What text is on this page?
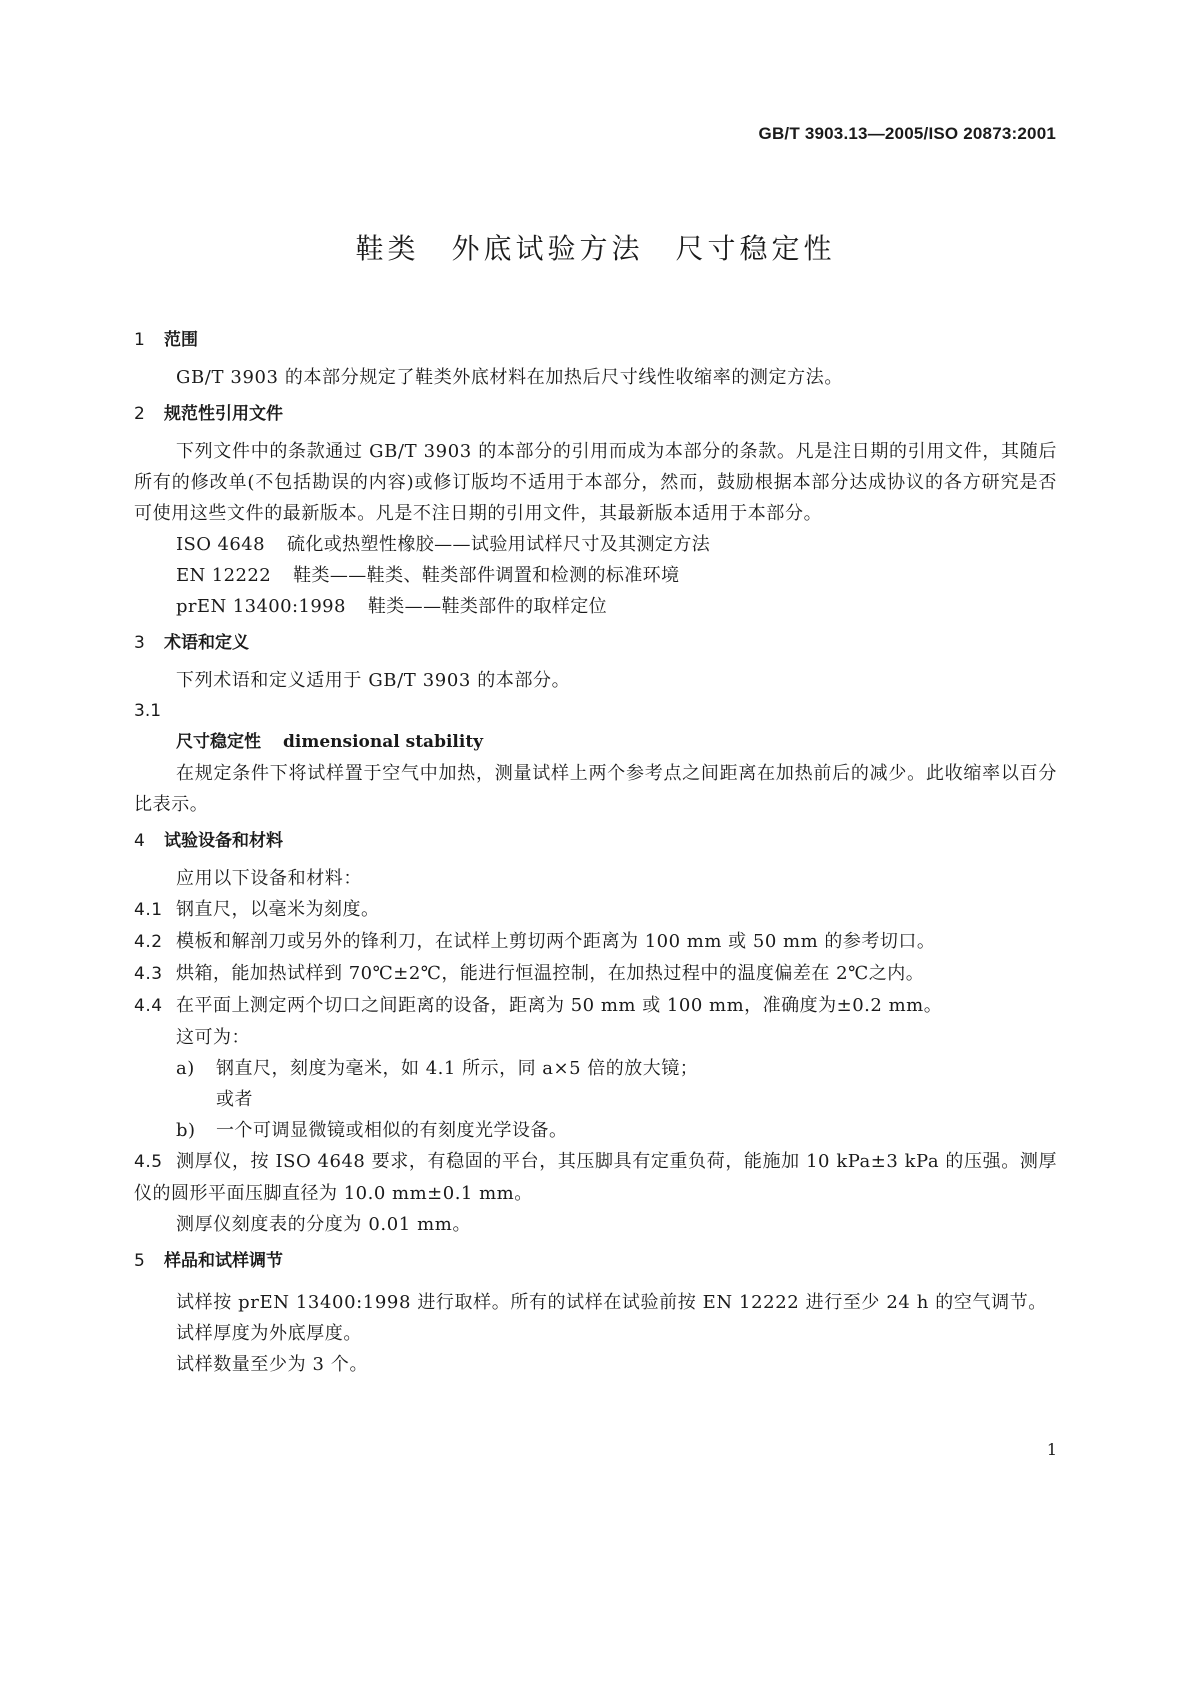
GB/T 3903.13—2005/ISO 20873:2001
鞋类　外底试验方法　尺寸稳定性

1 范围

GB/T 3903 的本部分规定了鞋类外底材料在加热后尺寸线性收缩率的测定方法。

2 规范性引用文件

下列文件中的条款通过 GB/T 3903 的本部分的引用而成为本部分的条款。凡是注日期的引用文件，其随后所有的修改单(不包括勘误的内容)或修订版均不适用于本部分，然而，鼓励根据本部分达成协议的各方研究是否可使用这些文件的最新版本。凡是不注日期的引用文件，其最新版本适用于本部分。

ISO 4648 硫化或热塑性橡胶——试验用试样尺寸及其测定方法

EN 12222 鞋类——鞋类、鞋类部件调置和检测的标准环境

prEN 13400:1998 鞋类——鞋类部件的取样定位

3 术语和定义

下列术语和定义适用于 GB/T 3903 的本部分。

3.1

尺寸稳定性 dimensional stability

在规定条件下将试样置于空气中加热，测量试样上两个参考点之间距离在加热前后的减少。此收缩率以百分比表示。

4 试验设备和材料

应用以下设备和材料：

4.1 钢直尺，以毫米为刻度。

4.2 模板和解剖刀或另外的锋利刀，在试样上剪切两个距离为 100 mm 或 50 mm 的参考切口。

4.3 烘箱，能加热试样到 70℃±2℃，能进行恒温控制，在加热过程中的温度偏差在 2℃之内。

4.4 在平面上测定两个切口之间距离的设备，距离为 50 mm 或 100 mm，准确度为±0.2 mm。

这可为：

a) 钢直尺，刻度为毫米，如 4.1 所示，同 a×5 倍的放大镜；

或者

b) 一个可调显微镜或相似的有刻度光学设备。

4.5 测厚仪，按 ISO 4648 要求，有稳固的平台，其压脚具有定重负荷，能施加 10 kPa±3 kPa 的压强。测厚仪的圆形平面压脚直径为 10.0 mm±0.1 mm。

测厚仪刻度表的分度为 0.01 mm。

5 样品和试样调节

试样按 prEN 13400:1998 进行取样。所有的试样在试验前按 EN 12222 进行至少 24 h 的空气调节。

试样厚度为外底厚度。

试样数量至少为 3 个。

1
